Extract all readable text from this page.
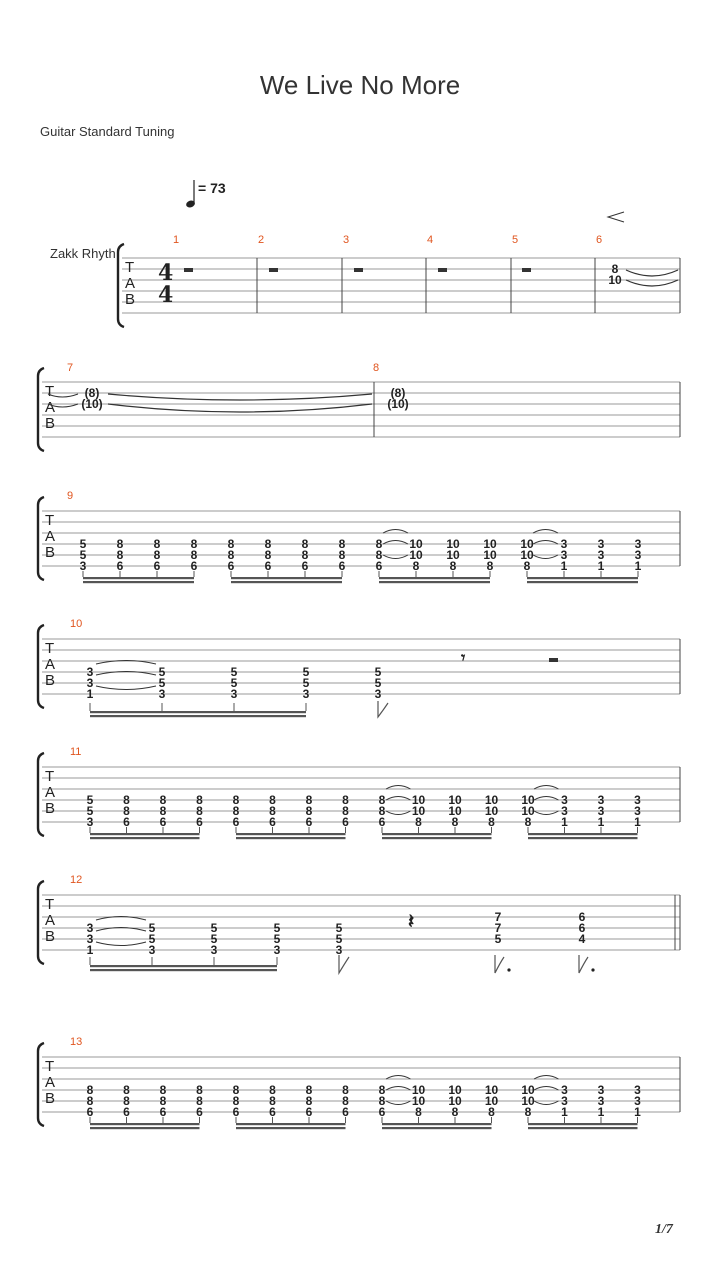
We Live No More
Guitar Standard Tuning
= 73
Zakk Rhyth
1/7
T
A
B
4
4
1	2	3	4	5	6
8
10
T
A
B
7	8
(8)
(10)
(8)
(10)
T
A
B
9
5
5
3
8
8
6
8
8
6
8
8
6
8
8
6
8
8
6
8
8
6
8
8
6
8
8
6
10
10
8
10
10
8
10
10
8
10
10
8
3
3
1
3
3
1
3
3
1
T
A
B
10
3
3
1
5
5
3
5
5
3
5
5
3
5
5
3
𝄾
T
A
B
11
5
5
3
8
8
6
8
8
6
8
8
6
8
8
6
8
8
6
8
8
6
8
8
6
8
8
6
10
10
8
10
10
8
10
10
8
10
10
8
3
3
1
3
3
1
3
3
1
T
A
B
12
3
3
1
5
5
3
5
5
3
5
5
3
5
5
3
𝄽	7
7
5
6
6
4
T
A
B
13
8
8
6
8
8
6
8
8
6
8
8
6
8
8
6
8
8
6
8
8
6
8
8
6
8
8
6
10
10
8
10
10
8
10
10
8
10
10
8
3
3
1
3
3
1
3
3
1
